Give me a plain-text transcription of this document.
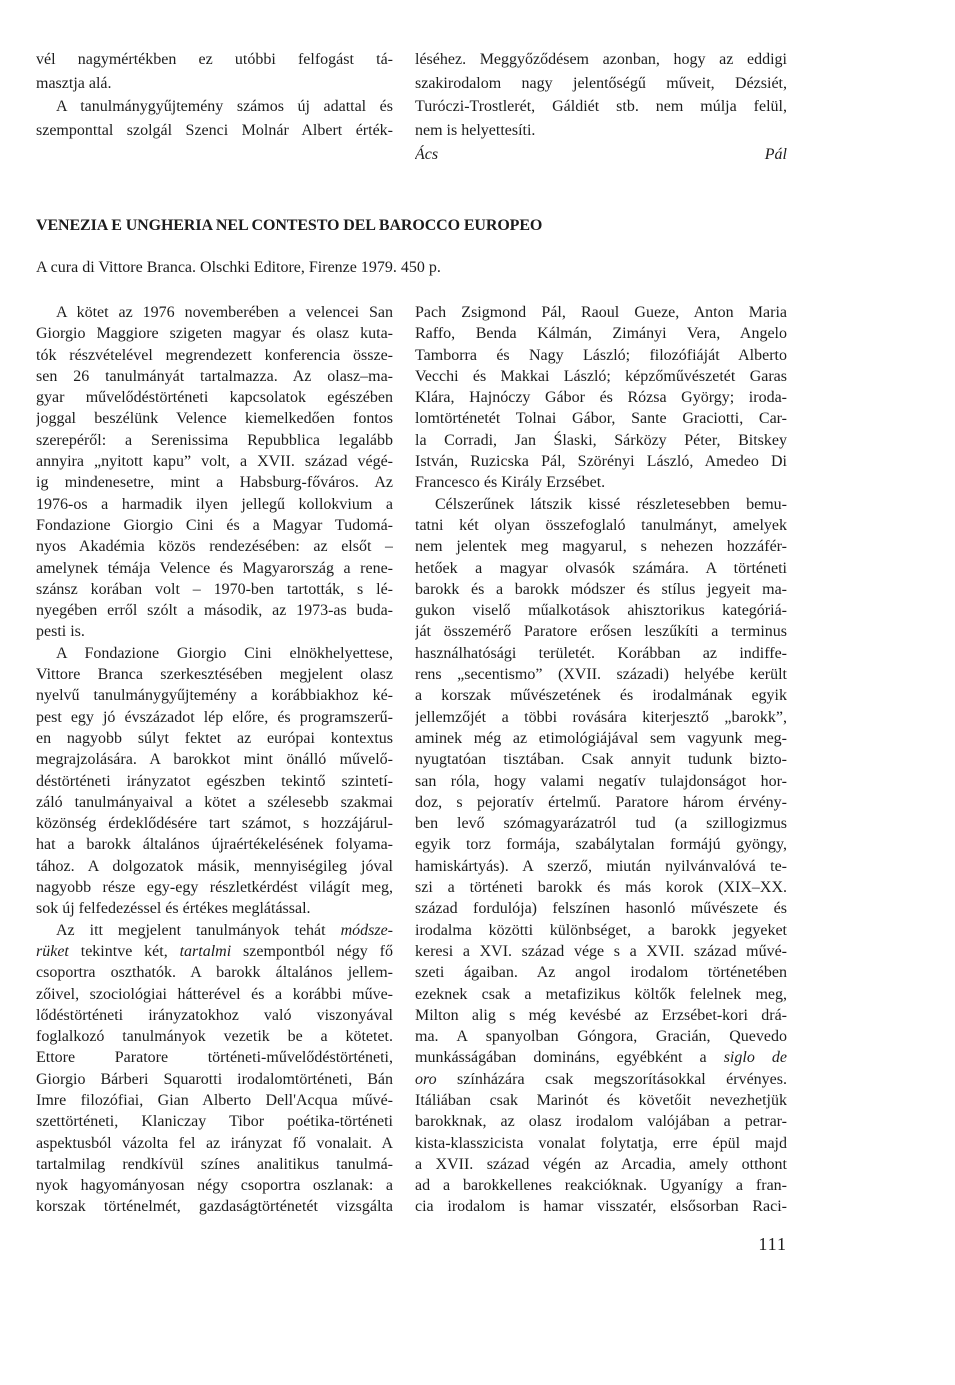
vél nagymértékben ez utóbbi felfogást tá-
masztja alá.
A tanulmánygyűjtemény számos új adattal és
szemponttal szolgál Szenci Molnár Albert érték-
léséhez. Meggyőződésem azonban, hogy az eddigi
szakirodalom nagy jelentőségű műveit, Dézsiét,
Turóczi-Trostlerét, Gáldiét stb. nem múlja felül,
nem is helyettesíti.
Ács Pál
VENEZIA E UNGHERIA NEL CONTESTO DEL BAROCCO EUROPEO
A cura di Vittore Branca. Olschki Editore, Firenze 1979. 450 p.
A kötet az 1976 novemberében a velencei San
Giorgio Maggiore szigeten magyar és olasz kuta-
tók részvételével megrendezett konferencia össze-
sen 26 tanulmányát tartalmazza. Az olasz–ma-
gyar művelődéstörténeti kapcsolatok egészében
joggal beszélünk Velence kiemelkedően fontos
szerepéről: a Serenissima Repubblica legalább
annyira „nyitott kapu” volt, a XVII. század végé-
ig mindenesetre, mint a Habsburg-főváros. Az
1976-os a harmadik ilyen jellegű kollokvium a
Fondazione Giorgio Cini és a Magyar Tudomá-
nyos Akadémia közös rendezésében: az elsőt –
amelynek témája Velence és Magyarország a rene-
szánsz korában volt – 1970-ben tartották, s lé-
nyegében erről szólt a második, az 1973-as buda-
pesti is.
A Fondazione Giorgio Cini elnökhelyettese,
Vittore Branca szerkesztésében megjelent olasz
nyelvű tanulmánygyűjtemény a korábbiakhoz ké-
pest egy jó évszázadot lép előre, és programszerű-
en nagyobb súlyt fektet az európai kontextus
megrajzolására. A barokkot mint önálló művelő-
déstörténeti irányzatot egészben tekintő szintetí-
záló tanulmányaival a kötet a szélesebb szakmai
közönség érdeklődésére tart számot, s hozzájárul-
hat a barokk általános újraértékelésének folyama-
tához. A dolgozatok másik, mennyiségileg jóval
nagyobb része egy-egy részletkérdést világít meg,
sok új felfedezéssel és értékes meglátással.
Az itt megjelent tanulmányok tehát módsze-
rüket tekintve két, tartalmi szempontból négy fő
csoportra oszthatók. A barokk általános jellem-
zőivel, szociológiai hátterével és a korábbi műve-
lődéstörténeti irányzatokhoz való viszonyával
foglalkozó tanulmányok vezetik be a kötetet.
Ettore Paratore történeti-művelődéstörténeti,
Giorgio Bárberi Squarotti irodalomtörténeti, Bán
Imre filozófiai, Gian Alberto Dell'Acqua művé-
szettörténeti, Klaniczay Tibor poétika-történeti
aspektusból vázolta fel az irányzat fő vonalait. A
tartalmilag rendkívül színes analitikus tanulmá-
nyok hagyományosan négy csoportra oszlanak: a
korszak történelmét, gazdaságtörténetét vizsgálta
Pach Zsigmond Pál, Raoul Gueze, Anton Maria
Raffo, Benda Kálmán, Zimányi Vera, Angelo
Tamborra és Nagy László; filozófiáját Alberto
Vecchi és Makkai László; képzőművészetét Garas
Klára, Hajnóczy Gábor és Rózsa György; iroda-
lomtörténetét Tolnai Gábor, Sante Graciotti, Car-
la Corradi, Jan Ślaski, Sárközy Péter, Bitskey
István, Ruzicska Pál, Szörényi László, Amedeo Di
Francesco és Király Erzsébet.
Célszerűnek látszik kissé részletesebben bemu-
tatni két olyan összefoglaló tanulmányt, amelyek
nem jelentek meg magyarul, s nehezen hozzáfér-
hetőek a magyar olvasók számára. A történeti
barokk és a barokk módszer és stílus jegyeit ma-
gukon viselő műalkotások ahisztorikus kategóriá-
ját összemérő Paratore erősen leszűkíti a terminus
használhatósági területét. Korábban az indiffe-
rens „secentismo” (XVII. századi) helyébe került
a korszak művészetének és irodalmának egyik
jellemzőjét a többi rovására kiterjesztő „barokk”,
aminek még az etimológiájával sem vagyunk meg-
nyugtatóan tisztában. Csak annyit tudunk bizto-
san róla, hogy valami negatív tulajdonságot hor-
doz, s pejoratív értelmű. Paratore három érvény-
ben levő szómagyarázatról tud (a szillogizmus
egyik torz formája, szabálytalan formájú gyöngy,
hamiskártyás). A szerző, miután nyilvánvalóvá te-
szi a történeti barokk és más korok (XIX–XX.
század fordulója) felszínen hasonló művészete és
irodalma közötti különbséget, a barokk jegyeket
keresi a XVI. század vége s a XVII. század művé-
szeti ágaiban. Az angol irodalom történetében
ezeknek csak a metafizikus költők felelnek meg,
Milton alig s még kevésbé az Erzsébet-kori drá-
ma. A spanyolban Góngora, Gracián, Quevedo
munkásságában domináns, egyébként a siglo de
oro színházára csak megszorításokkal érvényes.
Itáliában csak Marinót és követőit nevezhetjük
barokknak, az olasz irodalom valójában a petrar-
kista-klasszicista vonalat folytatja, erre épül majd
a XVII. század végén az Arcadia, amely otthont
ad a barokkellenes reakcióknak. Ugyanígy a fran-
cia irodalom is hamar visszatér, elsősorban Raci-
111
